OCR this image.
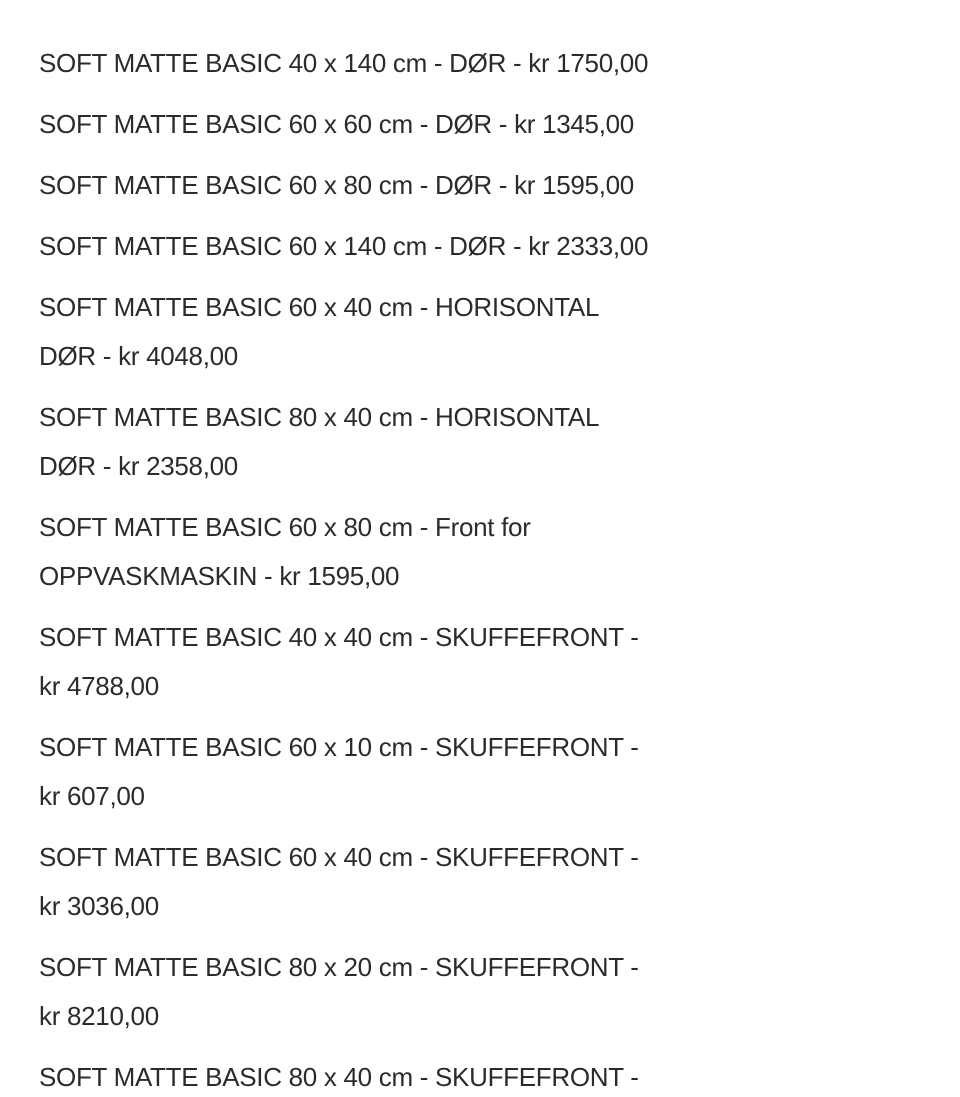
SOFT MATTE BASIC 40 x 140 cm - DØR - kr 1750,00
SOFT MATTE BASIC 60 x 60 cm - DØR - kr 1345,00
SOFT MATTE BASIC 60 x 80 cm - DØR - kr 1595,00
SOFT MATTE BASIC 60 x 140 cm - DØR - kr 2333,00
SOFT MATTE BASIC 60 x 40 cm - HORISONTAL
DØR - kr 4048,00
SOFT MATTE BASIC 80 x 40 cm - HORISONTAL
DØR - kr 2358,00
SOFT MATTE BASIC 60 x 80 cm - Front for
OPPVASKMASKIN - kr 1595,00
SOFT MATTE BASIC 40 x 40 cm - SKUFFEFRONT -
kr 4788,00
SOFT MATTE BASIC 60 x 10 cm - SKUFFEFRONT -
kr 607,00
SOFT MATTE BASIC 60 x 40 cm - SKUFFEFRONT -
kr 3036,00
SOFT MATTE BASIC 80 x 20 cm - SKUFFEFRONT -
kr 8210,00
SOFT MATTE BASIC 80 x 40 cm - SKUFFEFRONT -
